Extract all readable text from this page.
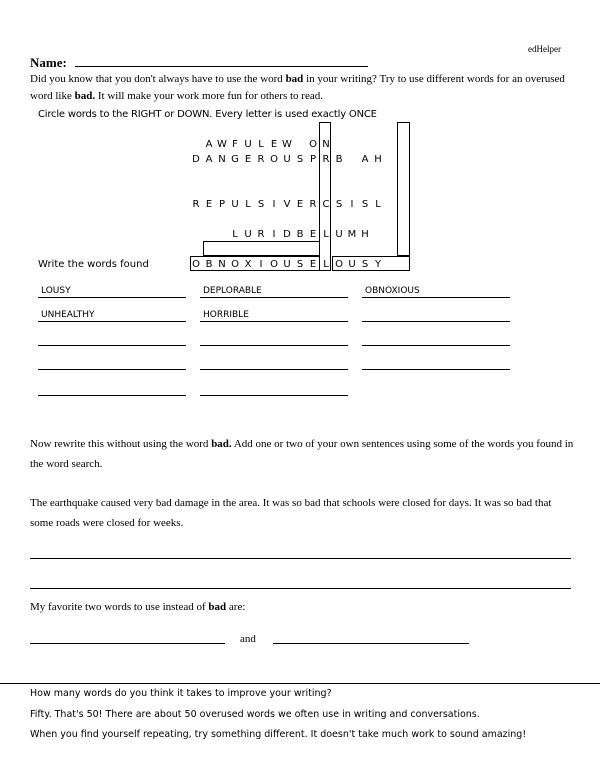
edHelper
Name:
Did you know that you don't always have to use the word bad in your writing? Try to use different words for an overused word like bad. It will make your work more fun for others to read.
Circle words to the RIGHT or DOWN. Every letter is used exactly ONCE
A W F U L E W O N
D A N G E R O U S P R B A H
R E P U L S I V E R C S I S L
L U R I D B E L U M H
O B N O X I O U S E L O U S Y
Write the words found
LOUSY	DEPLORABLE	OBNOXIOUS
UNHEALTHY	HORRIBLE
Now rewrite this without using the word bad. Add one or two of your own sentences using some of the words you found in the word search.
The earthquake caused very bad damage in the area. It was so bad that schools were closed for days. It was so bad that some roads were closed for weeks.
My favorite two words to use instead of bad are:
and
How many words do you think it takes to improve your writing?
Fifty. That's 50! There are about 50 overused words we often use in writing and conversations.
When you find yourself repeating, try something different. It doesn't take much work to sound amazing!
